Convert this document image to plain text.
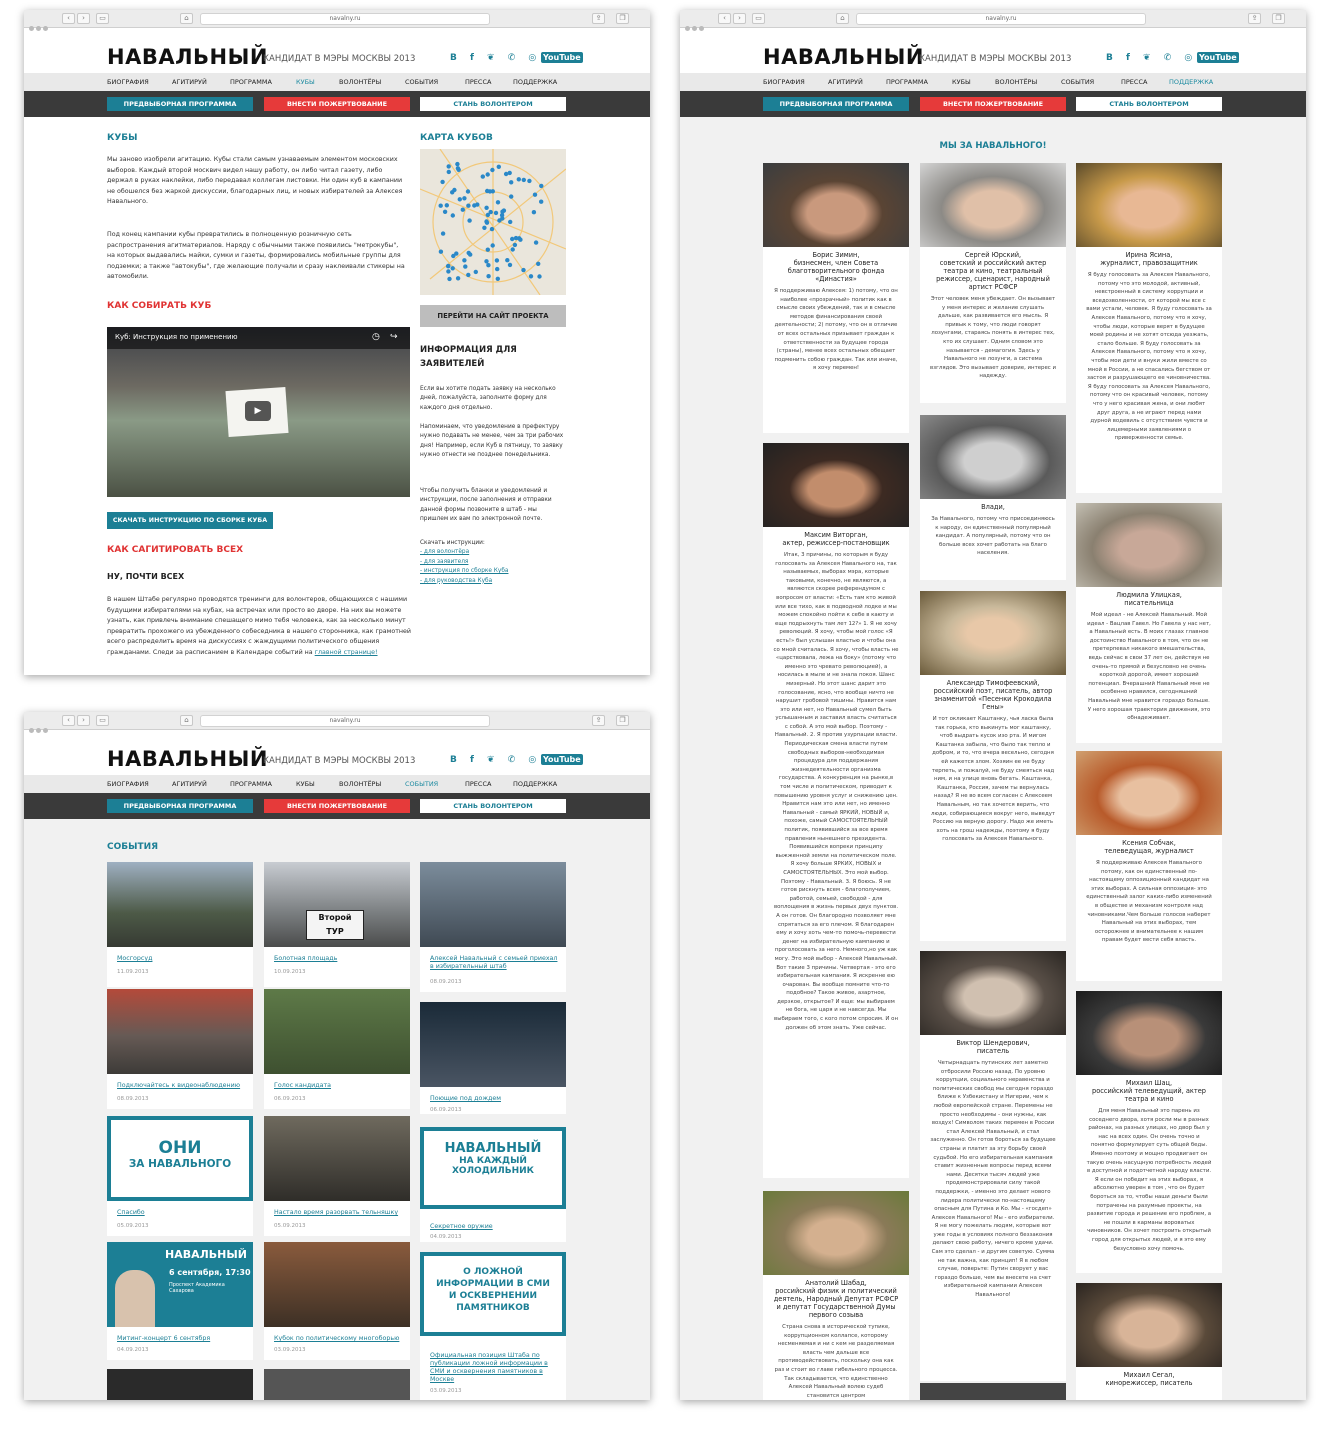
‹	›	▭	⌂	navalny.ru	⇪	❐
НАВАЛЬНЫЙ
КАНДИДАТ В МЭРЫ МОСКВЫ 2013	B f ❦ ✆ ◎ YouTube
БИОГРАФИЯ	АГИТИРУЙ	ПРОГРАММА	КУБЫ	ВОЛОНТЁРЫ	СОБЫТИЯ	ПРЕССА	ПОДДЕРЖКА
ПРЕДВЫБОРНАЯ ПРОГРАММА	ВНЕСТИ ПОЖЕРТВОВАНИЕ	СТАНЬ ВОЛОНТЕРОМ
КУБЫ
Мы заново изобрели агитацию. Кубы стали самым узнаваемым элементом московских выборов. Каждый второй москвич видел нашу работу, он либо читал газету, либо держал в руках наклейки, либо передавал коллегам листовки. Ни один куб в кампании не обошелся без жаркой дискуссии, благодарных лиц, и новых избирателей за Алексея Навального.
Под конец кампании кубы превратились в полноценную розничную сеть распространения агитматериалов. Наряду с обычными также появились "метрокубы", на которых выдавались майки, сумки и газеты, формировались мобильные группы для подземки; а также "автокубы", где желающие получали и сразу наклеивали стикеры на автомобили.
КАК СОБИРАТЬ КУБ
Куб: Инструкция по применению	◷ ↪
▶
СКАЧАТЬ ИНСТРУКЦИЮ ПО СБОРКЕ КУБА
КАК САГИТИРОВАТЬ ВСЕХ
НУ, ПОЧТИ ВСЕХ
В нашем Штабе регулярно проводятся тренинги для волонтеров, общающихся с нашими будущими избирателями на кубах, на встречах или просто во дворе. На них вы можете узнать, как привлечь внимание спешащего мимо тебя человека, как за несколько минут превратить прохожего из убежденного собеседника в нашего сторонника, как грамотней всего распределить время на дискуссиях с жаждущими политического общения гражданами. Следи за расписанием в Календаре событий на главной странице!
КАРТА КУБОВ
ПЕРЕЙТИ НА САЙТ ПРОЕКТА
ИНФОРМАЦИЯ ДЛЯ ЗАЯВИТЕЛЕЙ
Если вы хотите подать заявку на несколько дней, пожалуйста, заполните форму для каждого дня отдельно.
Напоминаем, что уведомление в префектуру нужно подавать не менее, чем за три рабочих дня! Например, если Куб в пятницу, то заявку нужно отнести не позднее понедельника.
Чтобы получить бланки и уведомлений и инструкции, после заполнения и отправки данной формы позвоните в штаб - мы пришлем их вам по электронной почте.
Скачать инструкции:
- для волонтёра
- для заявителя
- инструкция по сборке Куба
- для руководства Куба
‹	›	▭	⌂	navalny.ru	⇪	❐
НАВАЛЬНЫЙ
КАНДИДАТ В МЭРЫ МОСКВЫ 2013	B f ❦ ✆ ◎ YouTube
БИОГРАФИЯ	АГИТИРУЙ	ПРОГРАММА	КУБЫ	ВОЛОНТЁРЫ	СОБЫТИЯ	ПРЕССА	ПОДДЕРЖКА
ПРЕДВЫБОРНАЯ ПРОГРАММА	ВНЕСТИ ПОЖЕРТВОВАНИЕ	СТАНЬ ВОЛОНТЕРОМ
СОБЫТИЯ
Мосгорсуд
11.09.2013
Второй
ТУР
Болотная площадь
10.09.2013
Алексей Навальный с семьей приехал в избирательный штаб
08.09.2013
Подключайтесь к видеонаблюдению
08.09.2013
Голос кандидата
06.09.2013	Поющие под дождем
06.09.2013
ОНИ
ЗА НАВАЛЬНОГО
Спасибо
05.09.2013
Настало время разорвать тельняшку
05.09.2013
НАВАЛЬНЫЙ
НА КАЖДЫЙ
ХОЛОДИЛЬНИК
Секретное оружие
04.09.2013
НАВАЛЬНЫЙ
6 сентября, 17:30
Проспект Академика Сахарова
Митинг-концерт 6 сентября
04.09.2013
Кубок по политическому многоборью
03.09.2013
О ЛОЖНОЙ
ИНФОРМАЦИИ В СМИ
И ОСКВЕРНЕНИИ
ПАМЯТНИКОВ
Официальная позиция Штаба по публикации ложной информации в СМИ и осквернения памятников в Москве
03.09.2013
‹	›	▭	⌂	navalny.ru	⇪	❐
НАВАЛЬНЫЙ
КАНДИДАТ В МЭРЫ МОСКВЫ 2013	B f ❦ ✆ ◎ YouTube
БИОГРАФИЯ	АГИТИРУЙ	ПРОГРАММА	КУБЫ	ВОЛОНТЁРЫ	СОБЫТИЯ	ПРЕССА	ПОДДЕРЖКА
ПРЕДВЫБОРНАЯ ПРОГРАММА	ВНЕСТИ ПОЖЕРТВОВАНИЕ	СТАНЬ ВОЛОНТЕРОМ
МЫ ЗА НАВАЛЬНОГО!
Борис Зимин,
бизнесмен, член Совета благотворительного фонда «Династия»
Я поддерживаю Алексея: 1) потому, что он наиболее «прозрачный» политик как в смысле своих убеждений, так и в смысле методов финансирования своей деятельности; 2) потому, что он в отличие от всех остальных призывает граждан к ответственности за будущее города (страны), менее всех остальных обещает подменить собою граждан. Так или иначе, я хочу перемен!
Максим Виторган,
актер, режиссер-постановщик
Итак, 3 причины, по которым я буду голосовать за Алексея Навального на, так называемых, выборах мэра, которые таковыми, конечно, не являются, а являются скорее референдумом с вопросом от власти: «Есть там кто живой или все тихо, как в подводной лодке и мы можем спокойно пойти к себе в каюту и еще подрыхнуть там лет 12?» 1. Я не хочу революций. Я хочу, чтобы мой голос «Я есть!» был услышан властью и чтобы она со мной считалась. Я хочу, чтобы власть не «царствовала, лежа на боку» (потому что именно это чревато революцией), а носилась в мыле и не знала покоя. Шанс мизерный. Но этот шанс дарит это голосование, ясно, что вообще ничто не нарушит гробовой тишины. Нравится нам это или нет, но Навальный сумел быть услышанным и заставил власть считаться с собой. А это мой выбор. Поэтому - Навальный. 2. Я против узурпации власти. Периодическая смена власти путем свободных выборов-необходимая процедура для поддержания жизнедеятельности организма государства. А конкуренция на рынке,в том числе и политическом, приводит к повышению уровня услуг и снижению цен. Нравится нам это или нет, но именно Навальный - самый ЯРКИЙ, НОВЫЙ и, похоже, самый САМОСТОЯТЕЛЬНЫЙ политик, появившийся за все время правления нынешнего президента. Появившийся вопреки принципу выжженной земли на политическом поле. Я хочу больше ЯРКИХ, НОВЫХ и САМОСТОЯТЕЛЬНЫХ. Это мой выбор. Поэтому - Навальный. 3. Я боюсь. Я не готов рискнуть всем - благополучием, работой, семьей, свободой - для воплощения в жизнь первых двух пунктов. А он готов. Он благородно позволяет мне спрятаться за его плечом. Я благодарен ему и хочу хоть чем-то помочь-перевести денег на избирательную кампанию и проголосовать за него. Немного,но уж как могу. Это мой выбор - Алексей Навальный. Вот такие 3 причины. Четвертая - это его избирательная кампания. Я искренне ею очарован. Вы вообще помните что-то подобное? Такое живое, азартное, дерзкое, открытое? И еще: мы выбираем не бога, не царя и не навсегда. Мы выбираем того, с кого потом спросим. И он должен об этом знать. Уже сейчас.
Анатолий Шабад,
российский физик и политический деятель, Народный Депутат РСФСР и депутат Государственной Думы первого созыва
Страна снова в исторической тупике, коррупционном коллапсе, которому несменяемая и ни с кем не разделяемая власть чем дальше все противодействовать, поскольку она как раз и стоит во главе гибельного процесса. Так складывается, что единственно Алексей Навальный волею судеб становится центром
Сергей Юрский,
советский и российский актер театра и кино, театральный режиссер, сценарист, народный артист РСФСР
Этот человек меня убеждает. Он вызывает у меня интерес и желание слушать дальше, как развивается его мысль. Я привык к тому, что люди говорят лозунгами, стараясь понять в интерес тех, кто их слушает. Одним словом это называется - демагогия. Здесь у Навального не лозунги, а система взглядов. Это вызывает доверие, интерес и надежду.
Влади,
За Навального, потому что присоединяюсь к народу, он единственный популярный кандидат. А популярный, потому что он больше всех хочет работать на благо населения.
Александр Тимофеевский,
российский поэт, писатель, автор знаменитой «Песенки Крокодила Гены»
И тот окликает Каштанку, чья ласка была так горька, кто выкинуть мог каштанку, чтоб выдрать кусок изо рта. И мигом Каштанка забыла, что было так тепло и добром, и то, что вчера весельно, сегодня ей кажется злом. Хозяин ее не буду терпеть, и пожалуй, не буду смеяться над ним, и на улице вновь бегать. Каштанка, Каштанка, Россия, зачем ты вернулась назад? Я не во всем согласен с Алексеем Навальным, но так хочется верить, что люди, собирающиеся вокруг него, выведут Россию на верную дорогу. Надо же иметь хоть на грош надежды, поэтому я буду голосовать за Алексея Навального.
Виктор Шендерович,
писатель
Четырнадцать путинских лет заметно отбросили Россию назад. По уровню коррупции, социального неравенства и политических свобод мы сегодня гораздо ближе к Узбекистану и Нигерии, чем к любой европейской стране. Перемены не просто необходимы - они нужны, как воздух! Символом таких перемен в России стал Алексей Навальный, и стал заслуженно. Он готов бороться за будущее страны и платит за эту борьбу своей судьбой. Но его избирательная кампания ставит жизненные вопросы перед всеми нами. Десятки тысяч людей уже продемонстрировали силу такой поддержки, - именно это делает нового лидера политически по-настоящему опасным для Путина и Ко. Мы - «гоcдеп» Алексея Навального! Мы - его избиратели. Я не могу пожелать людям, которые вот уже годы в условиях полного беззакония делают свою работу, ничего кроме удачи. Сам это сделал - и другим советую. Сумма не так важна, как принцип! Я в любом случае, поверьте: Путин сворует у вас гораздо больше, чем вы внесете на счет избирательной кампании Алексея Навального!
Ирина Ясина,
журналист, правозащитник
Я буду голосовать за Алексея Навального, потому что это молодой, активный, невстроенный в систему коррупции и вседозволенности, от которой мы все с вами устали, человек. Я буду голосовать за Алексея Навального, потому что я хочу, чтобы люди, которые верят в будущее моей родины и не хотят отсюда уезжать, стало больше. Я буду голосовать за Алексея Навального, потому что я хочу, чтобы мои дети и внуки жили вместе со мной в России, а не спасались бегством от застоя и разрушающего ее чиновничества. Я буду голосовать за Алексея Навального, потому что он красивый человек, потому что у него красивая жена, и они любят друг друга, а не играют перед нами дурной водевиль с отсутствием чувств и лицемерными заявлениями о приверженности семье.
Людмила Улицкая,
писательница
Мой идеал - не Алексей Навальный. Мой идеал - Вацлав Гавел. Но Гавела у нас нет, а Навальный есть. В моих глазах главное достоинство Навального в том, что он не претерпевал никакого вмешательства, ведь сейчас в свои 37 лет он, действуя не очень-то прямой и безусловно не очень короткой дорогой, имеет хороший потенциал. Вчерашний Навальный мне не особенно нравился, сегодняшний Навальный мне нравится гораздо больше. У него хорошая траектория движения, это обнадеживает.
Ксения Собчак,
телеведущая, журналист
Я поддерживаю Алексея Навального потому, как он единственный по-настоящему оппозиционный кандидат на этих выборах. А сильная оппозиция- это единственный залог каких-либо изменений в обществе и механизм контроля над чиновниками.Чем больше голосов наберет Навальный на этих выборах, тем осторожнее и внимательнее к нашим правам будет вести себя власть.
Михаил Шац,
российский телеведущий, актер театра и кино
Для меня Навальный это парень из соседнего двора, хотя росли мы в разных районах, на разных улицах, но двор был у нас на всех один. Он очень точно и понятно формулирует суть общей беды. Именно поэтому и мощно продвигает он такую очень насущную потребность людей в доступной и подотчетной народу власти. Я если он победит на этих выборах, я абсолютно уверен в том , что он будет бороться за то, чтобы наши деньги были потрачены на разумные проекты, на развитие города и решение его проблем, а не пошли в карманы вороватых чиновников. Он хочет построить открытый город для открытых людей, и я это ему безусловно хочу помочь.
Михаил Сегал,
кинорежиссер, писатель
